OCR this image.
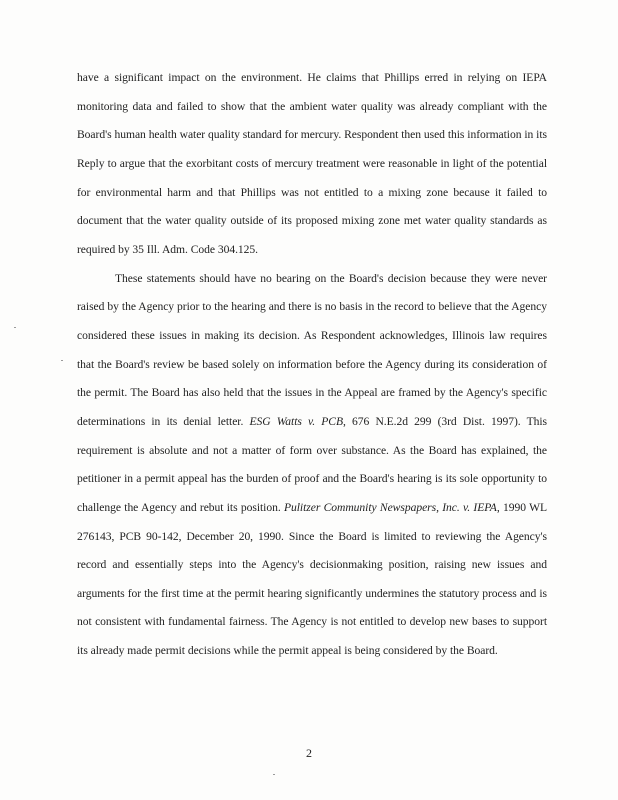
have a significant impact on the environment. He claims that Phillips erred in relying on IEPA monitoring data and failed to show that the ambient water quality was already compliant with the Board's human health water quality standard for mercury. Respondent then used this information in its Reply to argue that the exorbitant costs of mercury treatment were reasonable in light of the potential for environmental harm and that Phillips was not entitled to a mixing zone because it failed to document that the water quality outside of its proposed mixing zone met water quality standards as required by 35 Ill. Adm. Code 304.125.

These statements should have no bearing on the Board's decision because they were never raised by the Agency prior to the hearing and there is no basis in the record to believe that the Agency considered these issues in making its decision. As Respondent acknowledges, Illinois law requires that the Board's review be based solely on information before the Agency during its consideration of the permit. The Board has also held that the issues in the Appeal are framed by the Agency's specific determinations in its denial letter. ESG Watts v. PCB, 676 N.E.2d 299 (3rd Dist. 1997). This requirement is absolute and not a matter of form over substance. As the Board has explained, the petitioner in a permit appeal has the burden of proof and the Board's hearing is its sole opportunity to challenge the Agency and rebut its position. Pulitzer Community Newspapers, Inc. v. IEPA, 1990 WL 276143, PCB 90-142, December 20, 1990. Since the Board is limited to reviewing the Agency's record and essentially steps into the Agency's decisionmaking position, raising new issues and arguments for the first time at the permit hearing significantly undermines the statutory process and is not consistent with fundamental fairness. The Agency is not entitled to develop new bases to support its already made permit decisions while the permit appeal is being considered by the Board.

2
